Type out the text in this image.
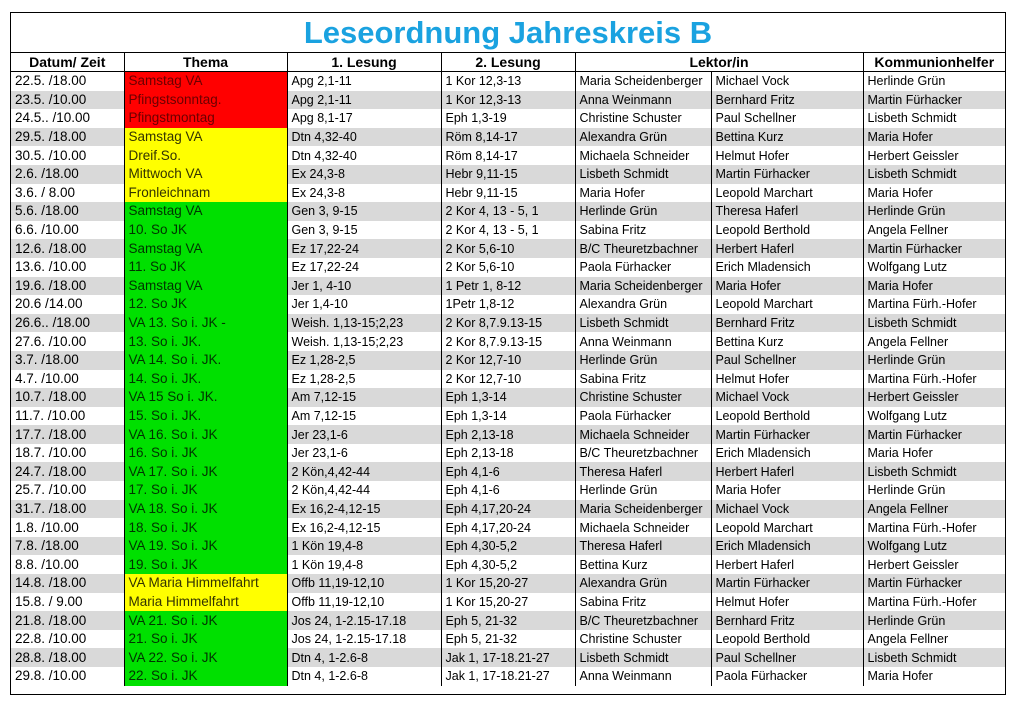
Leseordnung Jahreskreis B
Datum/ Zeit	Thema	1. Lesung	2. Lesung	Lektor/in		Kommunionhelfer
22.5. /18.00	Samstag VA	Apg 2,1-11	1 Kor 12,3-13	Maria Scheidenberger	Michael Vock	Herlinde Grün
23.5. /10.00	Pfingstsonntag.	Apg 2,1-11	1 Kor 12,3-13	Anna Weinmann	Bernhard Fritz	Martin Fürhacker
24.5.. /10.00	Pfingstmontag	Apg 8,1-17	Eph 1,3-19	Christine Schuster	Paul Schellner	Lisbeth Schmidt
29.5. /18.00	Samstag VA	Dtn 4,32-40	Röm 8,14-17	Alexandra Grün	Bettina Kurz	Maria Hofer
30.5. /10.00	Dreif.So.	Dtn 4,32-40	Röm 8,14-17	Michaela Schneider	Helmut Hofer	Herbert Geissler
2.6. /18.00	Mittwoch VA	Ex 24,3-8	Hebr 9,11-15	Lisbeth Schmidt	Martin Fürhacker	Lisbeth Schmidt
3.6. / 8.00	Fronleichnam	Ex 24,3-8	Hebr 9,11-15	Maria Hofer	Leopold Marchart	Maria Hofer
5.6. /18.00	Samstag VA	Gen 3, 9-15	2 Kor 4, 13 - 5, 1	Herlinde Grün	Theresa Haferl	Herlinde Grün
6.6. /10.00	10. So JK	Gen 3, 9-15	2 Kor 4, 13 - 5, 1	Sabina Fritz	Leopold Berthold	Angela Fellner
12.6. /18.00	Samstag VA	Ez 17,22-24	2 Kor 5,6-10	B/C Theuretzbachner	Herbert Haferl	Martin Fürhacker
13.6. /10.00	11. So JK	Ez 17,22-24	2 Kor 5,6-10	Paola Fürhacker	Erich Mladensich	Wolfgang Lutz
19.6. /18.00	Samstag VA	Jer 1, 4-10	1 Petr 1, 8-12	Maria Scheidenberger	Maria Hofer	Maria Hofer
20.6 /14.00	12. So JK	Jer 1,4-10	1Petr 1,8-12	Alexandra Grün	Leopold Marchart	Martina Fürh.-Hofer
26.6.. /18.00	VA 13. So i. JK -	Weish. 1,13-15;2,23	2 Kor 8,7.9.13-15	Lisbeth Schmidt	Bernhard Fritz	Lisbeth Schmidt
27.6. /10.00	13. So i. JK.	Weish. 1,13-15;2,23	2 Kor 8,7.9.13-15	Anna Weinmann	Bettina Kurz	Angela Fellner
3.7. /18.00	VA 14. So i. JK.	Ez 1,28-2,5	2 Kor 12,7-10	Herlinde Grün	Paul Schellner	Herlinde Grün
4.7. /10.00	14. So i. JK.	Ez 1,28-2,5	2 Kor 12,7-10	Sabina Fritz	Helmut Hofer	Martina Fürh.-Hofer
10.7. /18.00	VA 15 So i. JK.	Am 7,12-15	Eph 1,3-14	Christine Schuster	Michael Vock	Herbert Geissler
11.7. /10.00	15. So i. JK.	Am 7,12-15	Eph 1,3-14	Paola Fürhacker	Leopold Berthold	Wolfgang Lutz
17.7. /18.00	VA 16. So i. JK	Jer 23,1-6	Eph 2,13-18	Michaela Schneider	Martin Fürhacker	Martin Fürhacker
18.7. /10.00	16. So i. JK	Jer 23,1-6	Eph 2,13-18	B/C Theuretzbachner	Erich Mladensich	Maria Hofer
24.7. /18.00	VA 17. So i. JK	2 Kön,4,42-44	Eph 4,1-6	Theresa Haferl	Herbert Haferl	Lisbeth Schmidt
25.7. /10.00	17. So i. JK	2 Kön,4,42-44	Eph 4,1-6	Herlinde Grün	Maria Hofer	Herlinde Grün
31.7. /18.00	VA 18. So i. JK	Ex 16,2-4,12-15	Eph 4,17,20-24	Maria Scheidenberger	Michael Vock	Angela Fellner
1.8. /10.00	18. So i. JK	Ex 16,2-4,12-15	Eph 4,17,20-24	Michaela Schneider	Leopold Marchart	Martina Fürh.-Hofer
7.8. /18.00	VA 19. So i. JK	1 Kön 19,4-8	Eph 4,30-5,2	Theresa Haferl	Erich Mladensich	Wolfgang Lutz
8.8. /10.00	19. So i. JK	1 Kön 19,4-8	Eph 4,30-5,2	Bettina Kurz	Herbert Haferl	Herbert Geissler
14.8. /18.00	VA Maria Himmelfahrt	Offb 11,19-12,10	1 Kor 15,20-27	Alexandra Grün	Martin Fürhacker	Martin Fürhacker
15.8. / 9.00	Maria Himmelfahrt	Offb 11,19-12,10	1 Kor 15,20-27	Sabina Fritz	Helmut Hofer	Martina Fürh.-Hofer
21.8. /18.00	VA 21. So i. JK	Jos 24, 1-2.15-17.18	Eph 5, 21-32	B/C Theuretzbachner	Bernhard Fritz	Herlinde Grün
22.8. /10.00	21. So i. JK	Jos 24, 1-2.15-17.18	Eph 5, 21-32	Christine Schuster	Leopold Berthold	Angela Fellner
28.8. /18.00	VA 22. So i. JK	Dtn 4, 1-2.6-8	Jak 1, 17-18.21-27	Lisbeth Schmidt	Paul Schellner	Lisbeth Schmidt
29.8. /10.00	22. So i. JK	Dtn 4, 1-2.6-8	Jak 1, 17-18.21-27	Anna Weinmann	Paola Fürhacker	Maria Hofer
